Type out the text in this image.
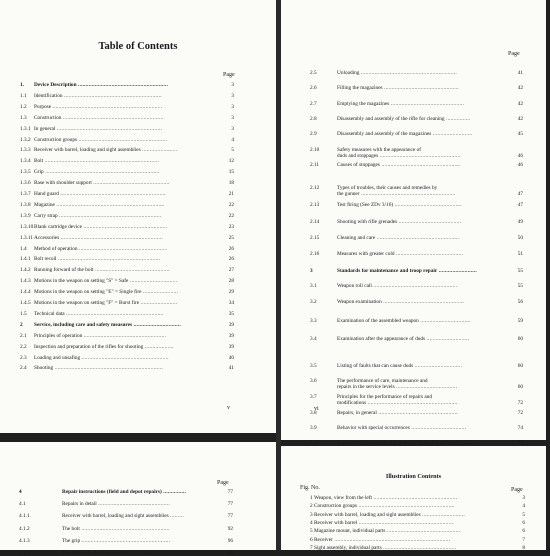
Table of Contents
Page
1. Device Description ...........................................................	3
1.1 Identification ................................................................	3
1.2 Purpose ........................................................................	3
1.3 Construction ..................................................................	3
1.3.1 In general .....................................................................	3
1.3.2 Construction groups ..........................................................	4
1.3.3 Receiver with barrel, loading and sight assemblies .......................	5
1.3.4 Bolt ...........................................................................	12
1.3.5 Grip ...........................................................................	15
1.3.6 Base with shoulder support ..................................................	18
1.3.7 Hand guard .....................................................................	21
1.3.8 Magazine .......................................................................	22
1.3.9 Carry strap ...................................................................	22
1.3.10 Blank cartridge device .......................................................	23
1.3.11 Accessories ...................................................................	25
1.4 Method of operation ..........................................................	26
1.4.1 Bolt recoil ...................................................................	26
1.4.2 Running forward of the bolt .................................................	27
1.4.3 Motions in the weapon on setting "S" = Safe ...............................	28
1.4.4 Motions in the weapon on setting "E" = Single fire .......................	29
1.4.5 Motions in the weapon on setting "F" = Burst fire ........................	34
1.5 Technical data ................................................................	35
2 Service, including care and safety measures ...............................	39
2.1 Principles of operation ......................................................	39
2.2 Inspection and preparation of the rifles for shooting ...................	39
2.3 Loading and unsafing .........................................................	40
2.4 Shooting .......................................................................	41
v
Page
2.5	Unloading ...............................................................	41
2.6	Filling the magazines .................................................	42
2.7	Emptying the magazines ................................................	42
2.8	Disassembly and assembly of the rifle for cleaning ................	42
2.9	Disassembly and assembly of the magazines ..........................	45
2.10	Safety measures with the appearance of
duds and stoppages .....................................................	46
2.11	Causes of stoppages ....................................................	46
2.12	Types of troubles, their causes and remedies by
the gunner ..............................................................	47
2.13	Test firing (See ZDv 3/16) ............................................	47
2.14	Shooting with rifle grenades .........................................	49
2.15	Cleaning and care ......................................................	50
2.16	Measures with greater cold ............................................	51
3	Standards for maintenance and troop repair .........................	55
3.1	Weapon roll call .......................................................	55
3.2	Weapon examination .....................................................	56
3.3	Examination of the assembled weapon .................................	59
3.4	Examination after the appearance of duds ............................	60
3.5	Listing of faults that can cause duds ...............................	60
3.6	The performance of care, maintenance and
repairs in the service levels ........................................	60
3.7	Principles for the performance of repairs and
modifications ...........................................................	72
3.8	Repairs, in general ....................................................	72
3.9	Behavior with special occurrences ....................................	74
3.10	Improvement proposals and technical field of experience ..........	74
vi
Page
4	Repair instructions (field and depot repairs) ...............	77
4.1	Repairs in detail ...............................................	77
4.1.1	Receiver with barrel, loading and sight assemblies .........	77
4.1.2	The bolt ..........................................................	92
4.1.3	The grip ..........................................................	96
4.1.4	The base with shoulder support ................................	106
Illustration Contents
Fig. No.	Page
1 Weapon, view from the left .......................................................	3
2 Construction groups ...............................................................	4
3 Receiver with barrel, loading and sight assemblies ............................	5
4 Receiver with barrel ..............................................................	6
5 Magazine mount, individual parts ................................................	6
6 Receiver ............................................................................	7
7 Sight assembly, individual parts ................................................	8
